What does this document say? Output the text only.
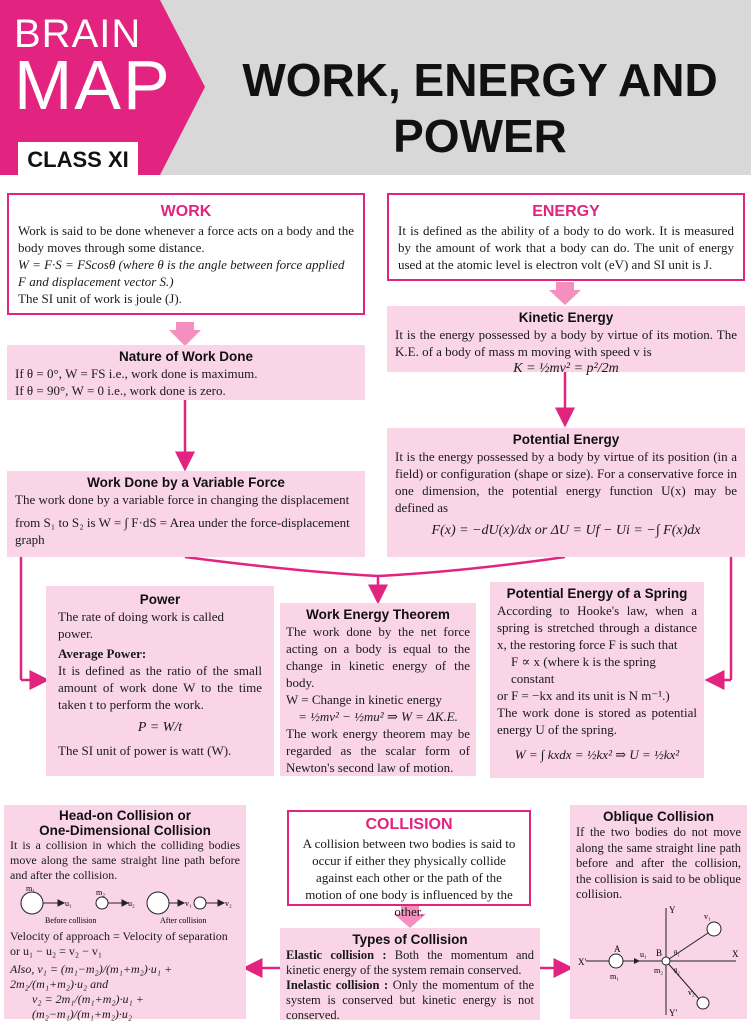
BRAIN
MAP
CLASS XI
WORK, ENERGY AND
POWER
WORK

Work is said to be done whenever a force acts on a body and the body moves through some distance.

W = F·S = FScosθ (where θ is the angle between force applied F and displacement vector S.)

The SI unit of work is joule (J).

ENERGY

It is defined as the ability of a body to do work. It is measured by the amount of work that a body can do. The unit of energy used at the atomic level is electron volt (eV) and SI unit is J.

Nature of Work Done

If θ = 0°, W = FS i.e., work done is maximum.

If θ = 90°, W = 0 i.e., work done is zero.

Kinetic Energy

It is the energy possessed by a body by virtue of its motion. The K.E. of a body of mass m moving with speed v is

K = ½mv² = p²/2m
Potential Energy

It is the energy possessed by a body by virtue of its position (in a field) or configuration (shape or size). For a conservative force in one dimension, the potential energy function U(x) may be defined as

F(x) = −dU(x)/dx or ΔU = Uf − Ui = −∫ F(x)dx
Work Done by a Variable Force

The work done by a variable force in changing the displacement

from S₁ to S₂ is W = ∫ F·dS = Area under the force-displacement

graph

Power

The rate of doing work is called power.

Average Power:

It is defined as the ratio of the small amount of work done W to the time taken t to perform the work.

P = W/t

The SI unit of power is watt (W).

Work Energy Theorem

The work done by the net force acting on a body is equal to the change in kinetic energy of the body.

W = Change in kinetic energy

= ½mv² − ½mu² ⇒ W = ΔK.E.

The work energy theorem may be regarded as the scalar form of Newton's second law of motion.

Potential Energy of a Spring

According to Hooke's law, when a spring is stretched through a distance x, the restoring force F is such that

F ∝ x (where k is the spring constant

or F = −kx and its unit is N m⁻¹.)

The work done is stored as potential energy U of the spring.

W = ∫ kxdx = ½kx² ⇒ U = ½kx²
Head-on Collision or
One-Dimensional Collision

It is a collision in which the colliding bodies move along the same straight line path before and after the collision.

m₁	m₂
u₁	u₂	v₁	v₂
Before collision	After collision

Velocity of approach = Velocity of separation or u₁ − u₂ = v₂ − v₁

Also, v₁ = (m₁−m₂)/(m₁+m₂)·u₁ + 2m₂/(m₁+m₂)·u₂ and

v₂ = 2m₁/(m₁+m₂)·u₁ + (m₂−m₁)/(m₁+m₂)·u₂

COLLISION

A collision between two bodies is said to occur if either they physically collide against each other or the path of the motion of one body is influenced by the other.

Types of Collision

Elastic collision : Both the momentum and kinetic energy of the system remain conserved.

Inelastic collision : Only the momentum of the system is conserved but kinetic energy is not conserved.

Oblique Collision

If the two bodies do not move along the same straight line path before and after the collision, the collision is said to be oblique collision.

X'
X
Y
Y'
A	B
m₁
m₂
u₁
v₁
v₂
θ₁
θ₂
